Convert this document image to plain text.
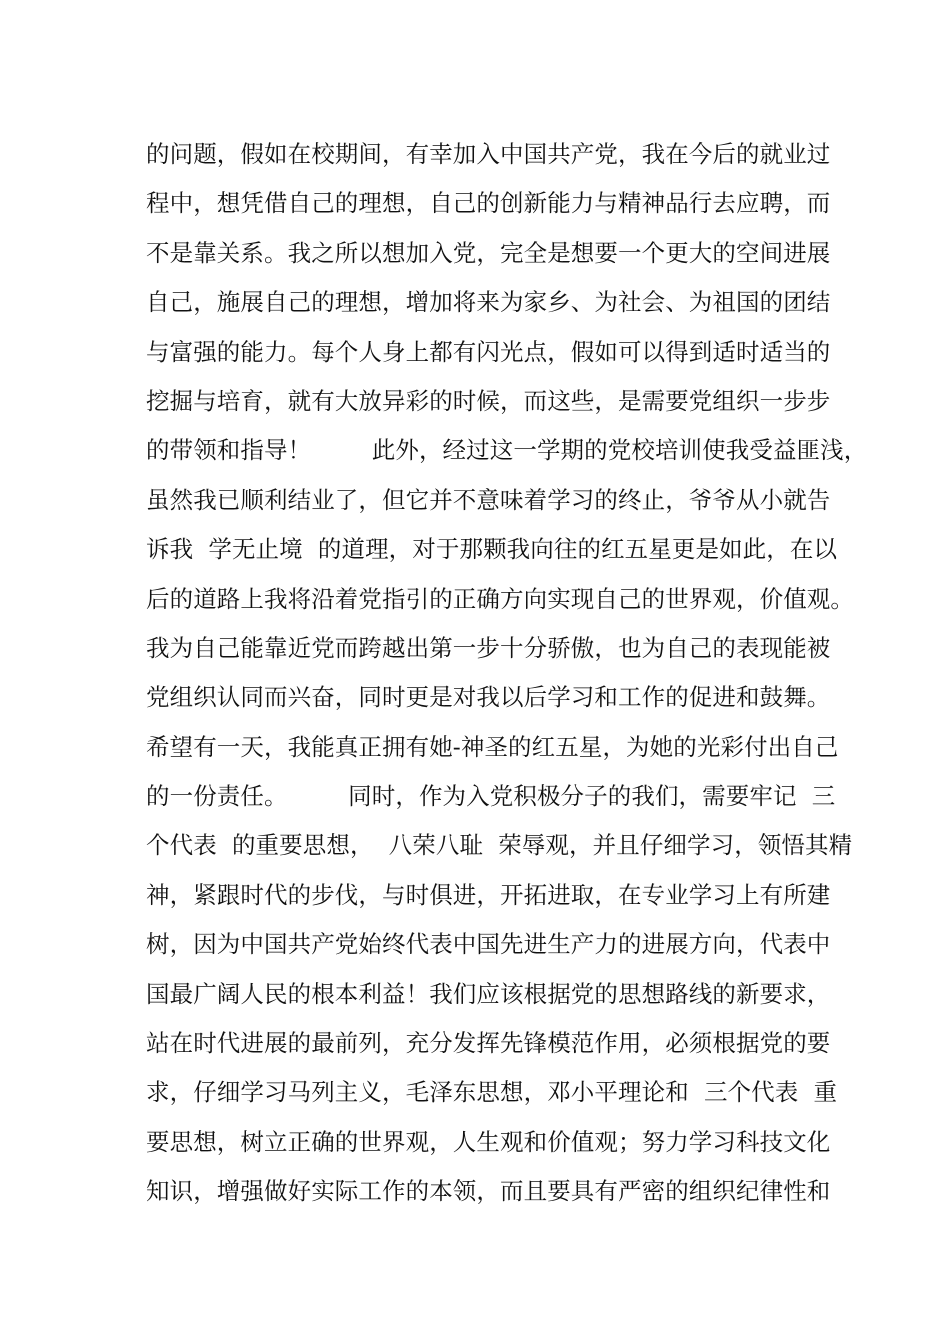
的问题，假如在校期间，有幸加入中国共产党，我在今后的就业过
程中，想凭借自己的理想，自己的创新能力与精神品行去应聘，而
不是靠关系。我之所以想加入党，完全是想要一个更大的空间进展
自己，施展自己的理想，增加将来为家乡、为社会、为祖国的团结
与富强的能力。每个人身上都有闪光点，假如可以得到适时适当的
挖掘与培育，就有大放异彩的时候，而这些，是需要党组织一步步
的带领和指导！        此外，经过这一学期的党校培训使我受益匪浅，
虽然我已顺利结业了，但它并不意味着学习的终止，爷爷从小就告
诉我  学无止境  的道理，对于那颗我向往的红五星更是如此，在以
后的道路上我将沿着党指引的正确方向实现自己的世界观，价值观。
我为自己能靠近党而跨越出第一步十分骄傲，也为自己的表现能被
党组织认同而兴奋，同时更是对我以后学习和工作的促进和鼓舞。
希望有一天，我能真正拥有她-神圣的红五星，为她的光彩付出自己
的一份责任。        同时，作为入党积极分子的我们，需要牢记  三
个代表  的重要思想，  八荣八耻  荣辱观，并且仔细学习，领悟其精
神，紧跟时代的步伐，与时俱进，开拓进取，在专业学习上有所建
树，因为中国共产党始终代表中国先进生产力的进展方向，代表中
国最广阔人民的根本利益！我们应该根据党的思想路线的新要求，
站在时代进展的最前列，充分发挥先锋模范作用，必须根据党的要
求，仔细学习马列主义，毛泽东思想，邓小平理论和  三个代表  重
要思想，树立正确的世界观，人生观和价值观；努力学习科技文化
知识，增强做好实际工作的本领，而且要具有严密的组织纪律性和
